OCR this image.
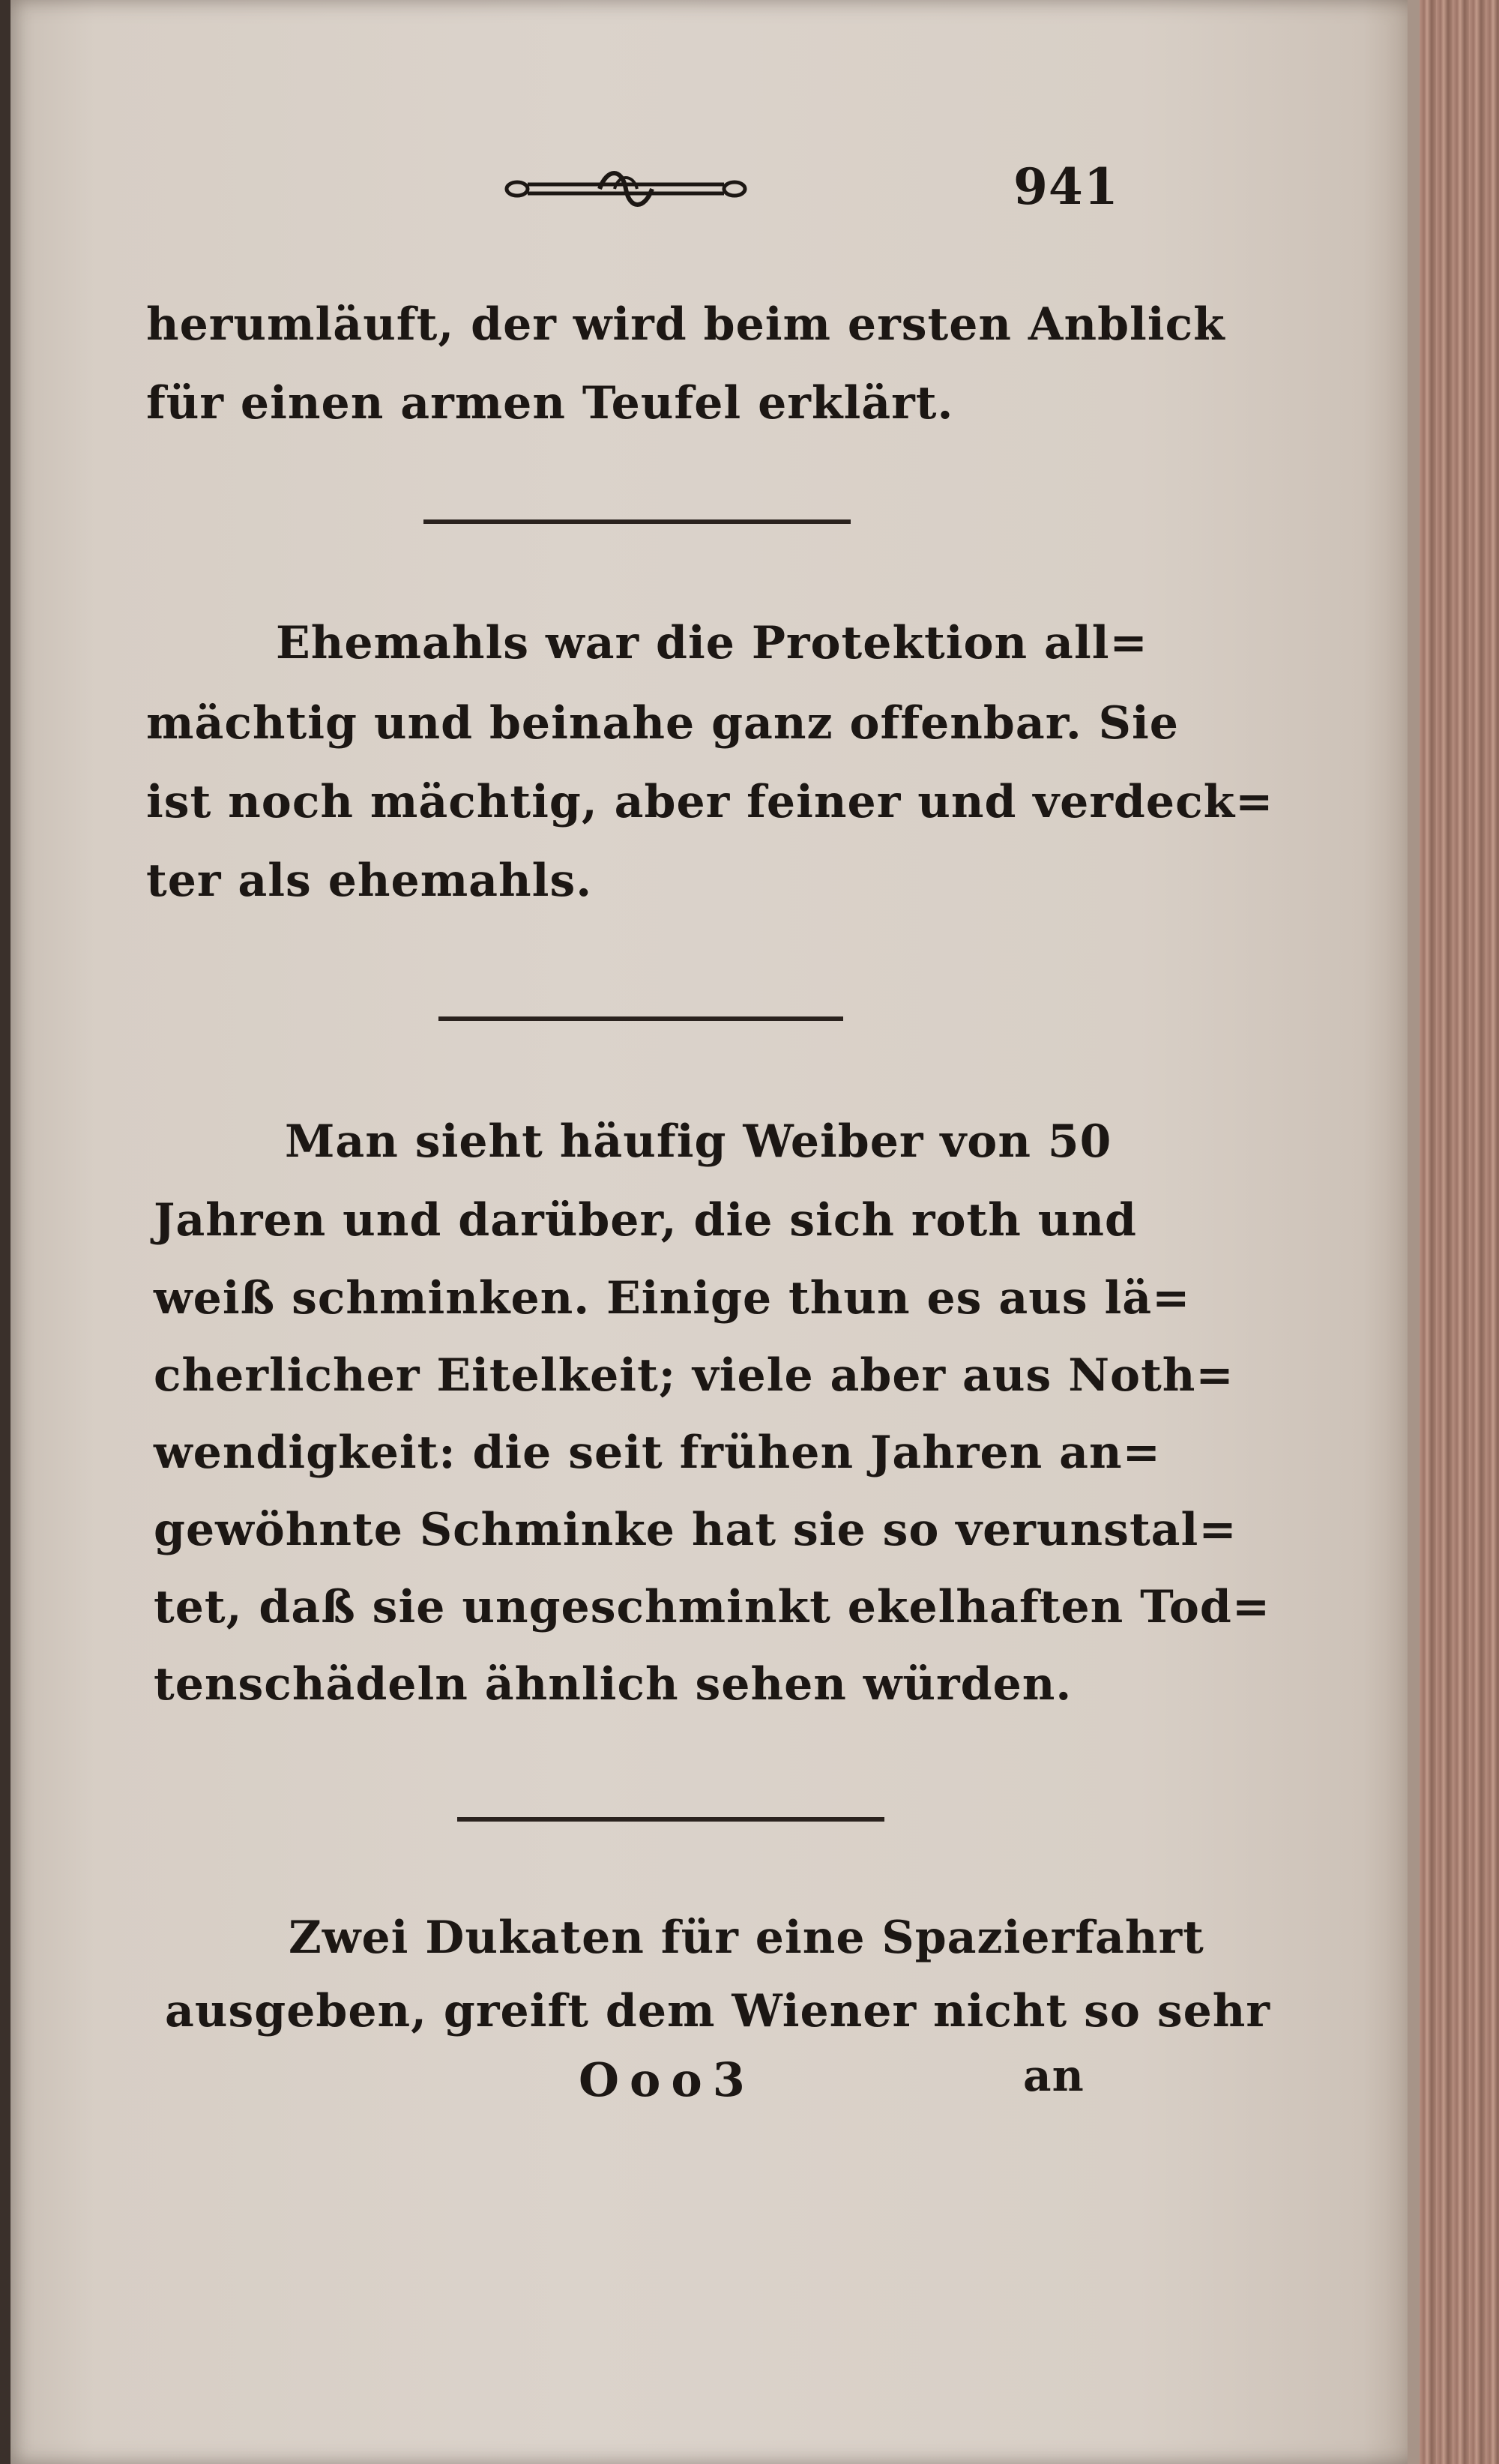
941
herumläuft, der wird beim ersten Anblick
für einen armen Teufel erklärt.
Ehemahls war die Protektion all=
mächtig und beinahe ganz offenbar. Sie
ist noch mächtig, aber feiner und verdeck=
ter als ehemahls.
Man sieht häufig Weiber von 50
Jahren und darüber, die sich roth und
weiß schminken. Einige thun es aus lä=
cherlicher Eitelkeit; viele aber aus Noth=
wendigkeit: die seit frühen Jahren an=
gewöhnte Schminke hat sie so verunstal=
tet, daß sie ungeschminkt ekelhaften Tod=
tenschädeln ähnlich sehen würden.
Zwei Dukaten für eine Spazierfahrt
ausgeben, greift dem Wiener nicht so sehr
Ooo3	an
